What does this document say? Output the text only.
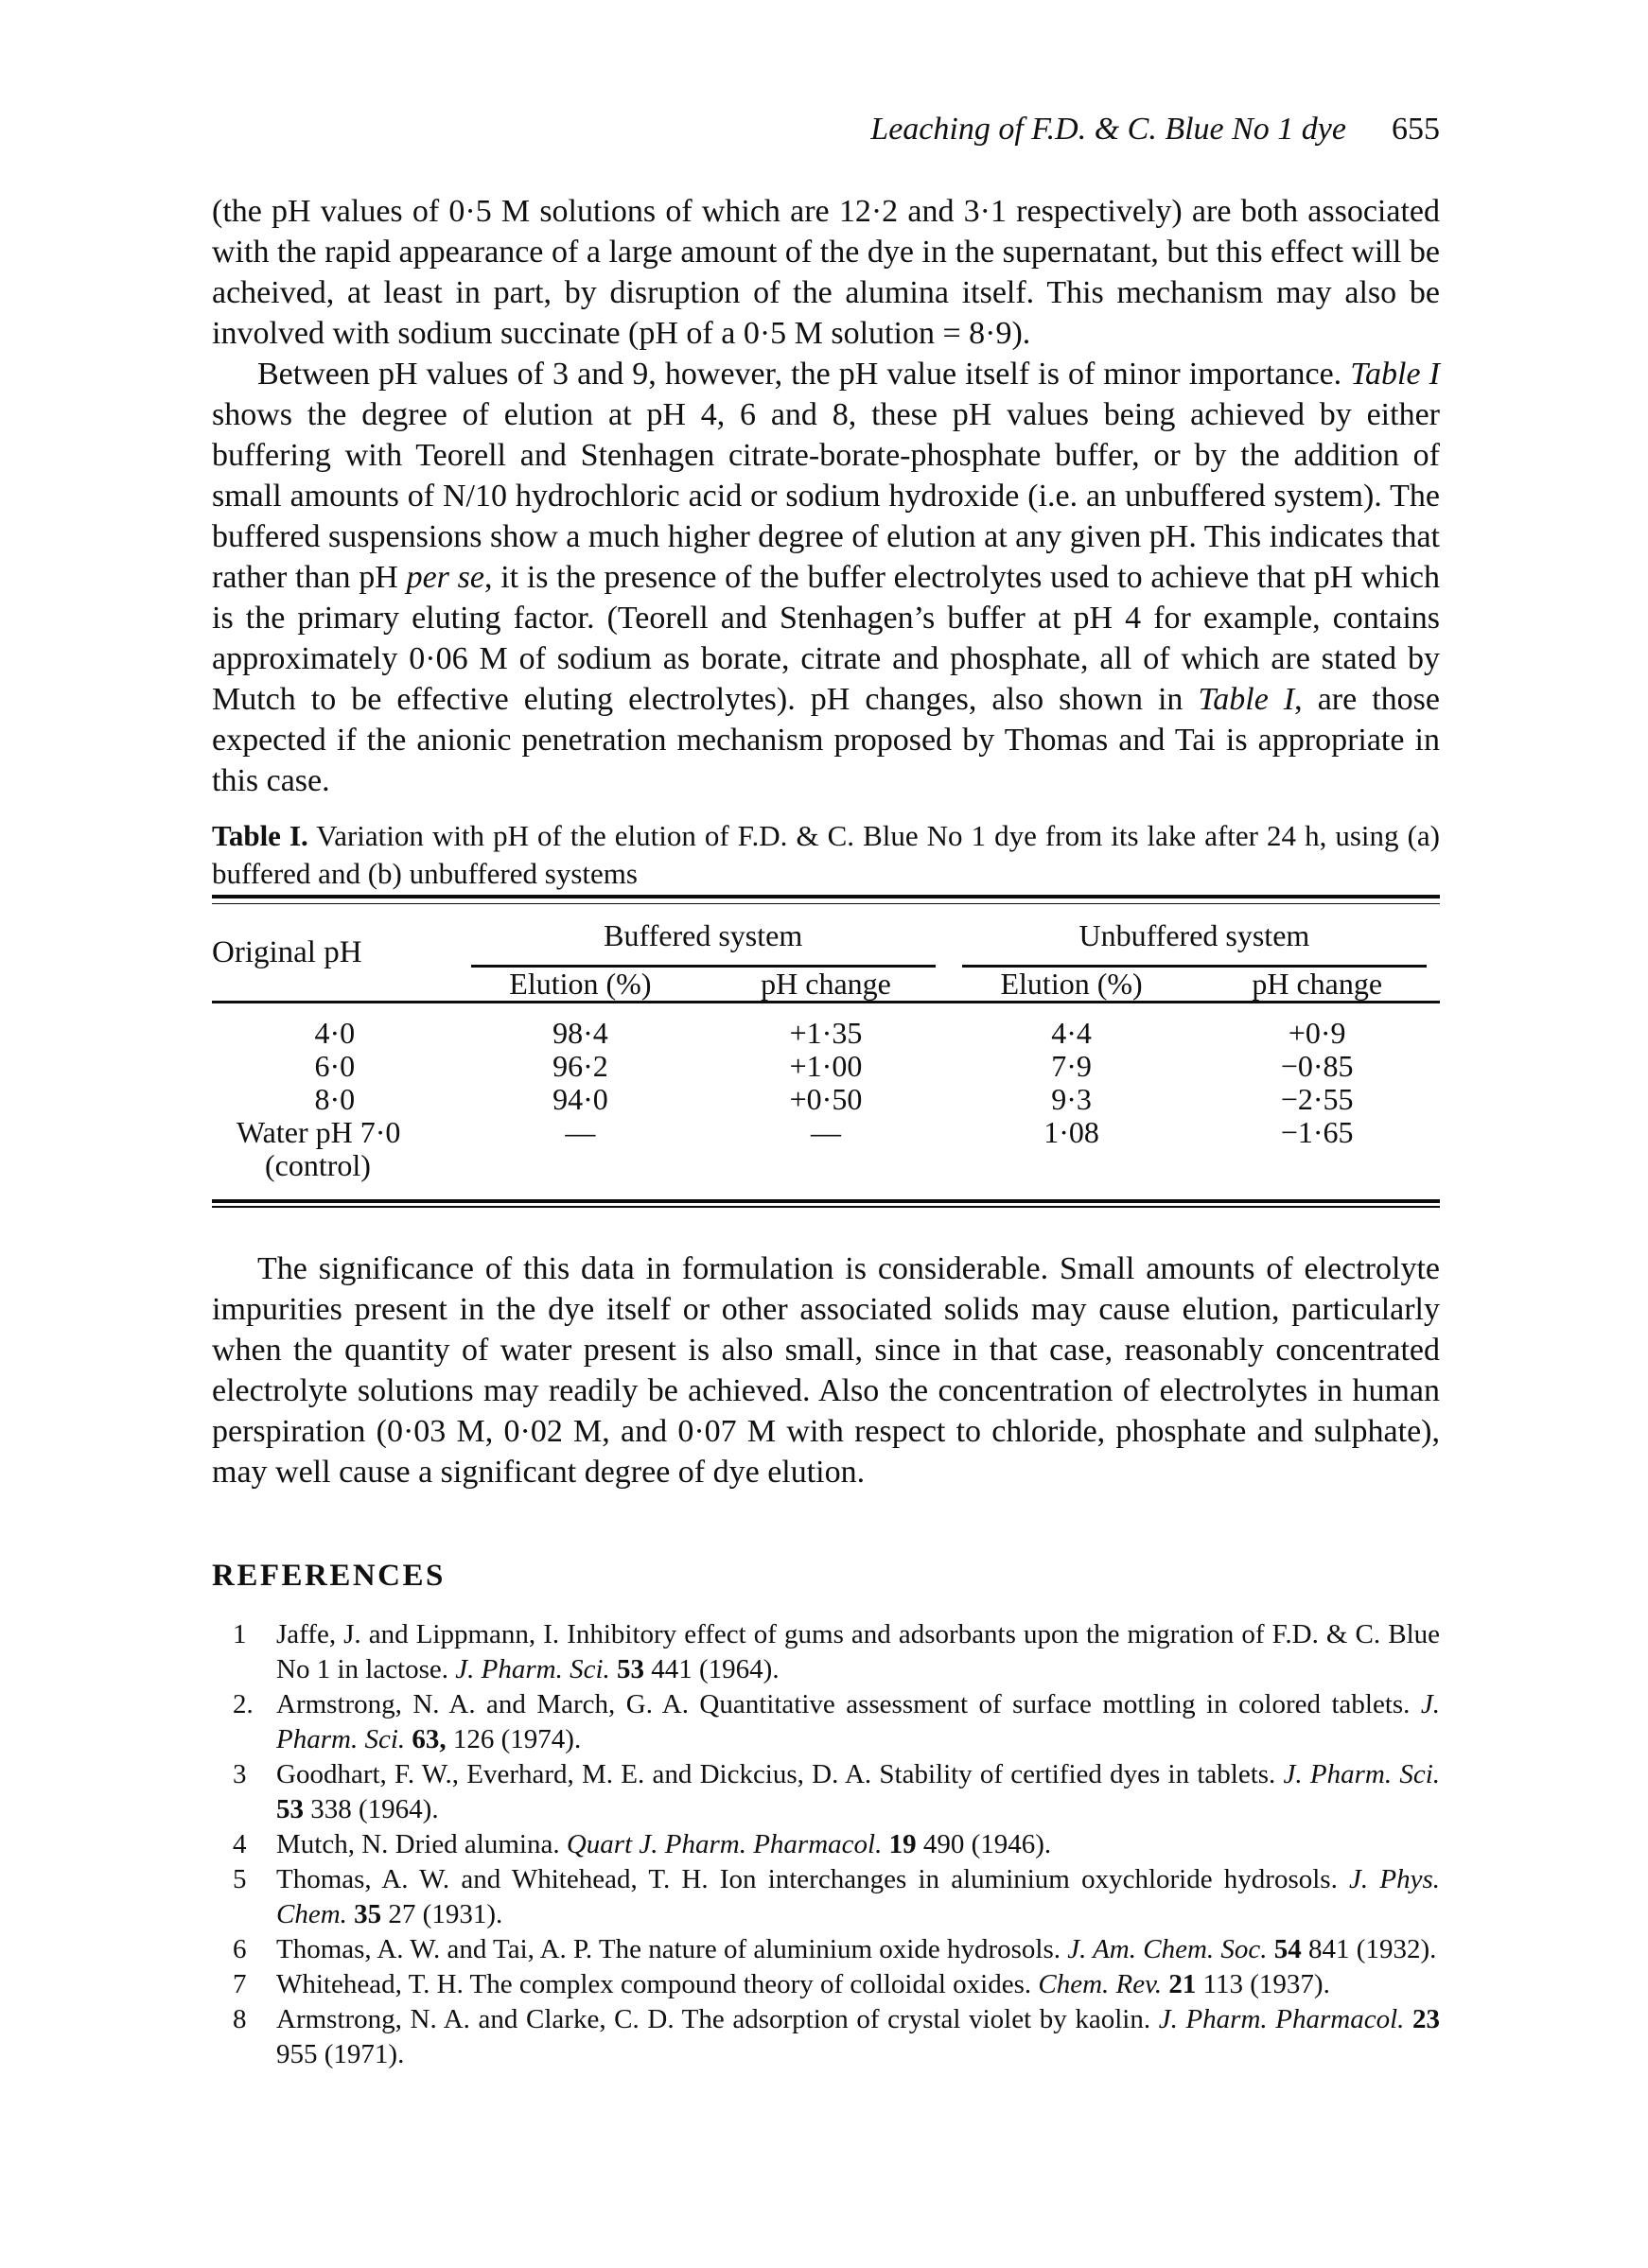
Leaching of F.D. & C. Blue No 1 dye 655

(the pH values of 0·5 M solutions of which are 12·2 and 3·1 respectively) are both associated with the rapid appearance of a large amount of the dye in the supernatant, but this effect will be acheived, at least in part, by disruption of the alumina itself. This mechanism may also be involved with sodium succinate (pH of a 0·5 M solution = 8·9).

Between pH values of 3 and 9, however, the pH value itself is of minor importance. Table I shows the degree of elution at pH 4, 6 and 8, these pH values being achieved by either buffering with Teorell and Stenhagen citrate-borate-phosphate buffer, or by the addition of small amounts of N/10 hydrochloric acid or sodium hydroxide (i.e. an unbuffered system). The buffered suspensions show a much higher degree of elution at any given pH. This indicates that rather than pH per se, it is the presence of the buffer electrolytes used to achieve that pH which is the primary eluting factor. (Teorell and Stenhagen’s buffer at pH 4 for example, contains approximately 0·06 M of sodium as borate, citrate and phosphate, all of which are stated by Mutch to be effective eluting electrolytes). pH changes, also shown in Table I, are those expected if the anionic penetration mechanism proposed by Thomas and Tai is appropriate in this case.

Table I. Variation with pH of the elution of F.D. & C. Blue No 1 dye from its lake after 24 h, using (a) buffered and (b) unbuffered systems
Original pH	Buffered system		Unbuffered system	

	Elution (%)	pH change	Elution (%)	pH change
4·0	98·4	+1·35	4·4	+0·9
6·0	96·2	+1·00	7·9	−0·85
8·0	94·0	+0·50	9·3	−2·55

Water pH 7·0
(control)	—	—	1·08	−1·65

The significance of this data in formulation is considerable. Small amounts of electrolyte impurities present in the dye itself or other associated solids may cause elution, particularly when the quantity of water present is also small, since in that case, reasonably concentrated electrolyte solutions may readily be achieved. Also the concentration of electrolytes in human perspiration (0·03 M, 0·02 M, and 0·07 M with respect to chloride, phosphate and sulphate), may well cause a significant degree of dye elution.

REFERENCES
1	Jaffe, J. and Lippmann, I. Inhibitory effect of gums and adsorbants upon the migration of F.D. & C. Blue No 1 in lactose. J. Pharm. Sci. 53 441 (1964).
2. Armstrong, N. A. and March, G. A. Quantitative assessment of surface mottling in colored tablets. J. Pharm. Sci. 63, 126 (1974).
3	Goodhart, F. W., Everhard, M. E. and Dickcius, D. A. Stability of certified dyes in tablets. J. Pharm. Sci. 53 338 (1964).
4	Mutch, N. Dried alumina. Quart J. Pharm. Pharmacol. 19 490 (1946).
5	Thomas, A. W. and Whitehead, T. H. Ion interchanges in aluminium oxychloride hydrosols. J. Phys. Chem. 35 27 (1931).
6	Thomas, A. W. and Tai, A. P. The nature of aluminium oxide hydrosols. J. Am. Chem. Soc. 54 841 (1932).
7	Whitehead, T. H. The complex compound theory of colloidal oxides. Chem. Rev. 21 113 (1937).
8	Armstrong, N. A. and Clarke, C. D. The adsorption of crystal violet by kaolin. J. Pharm. Pharmacol. 23 955 (1971).
